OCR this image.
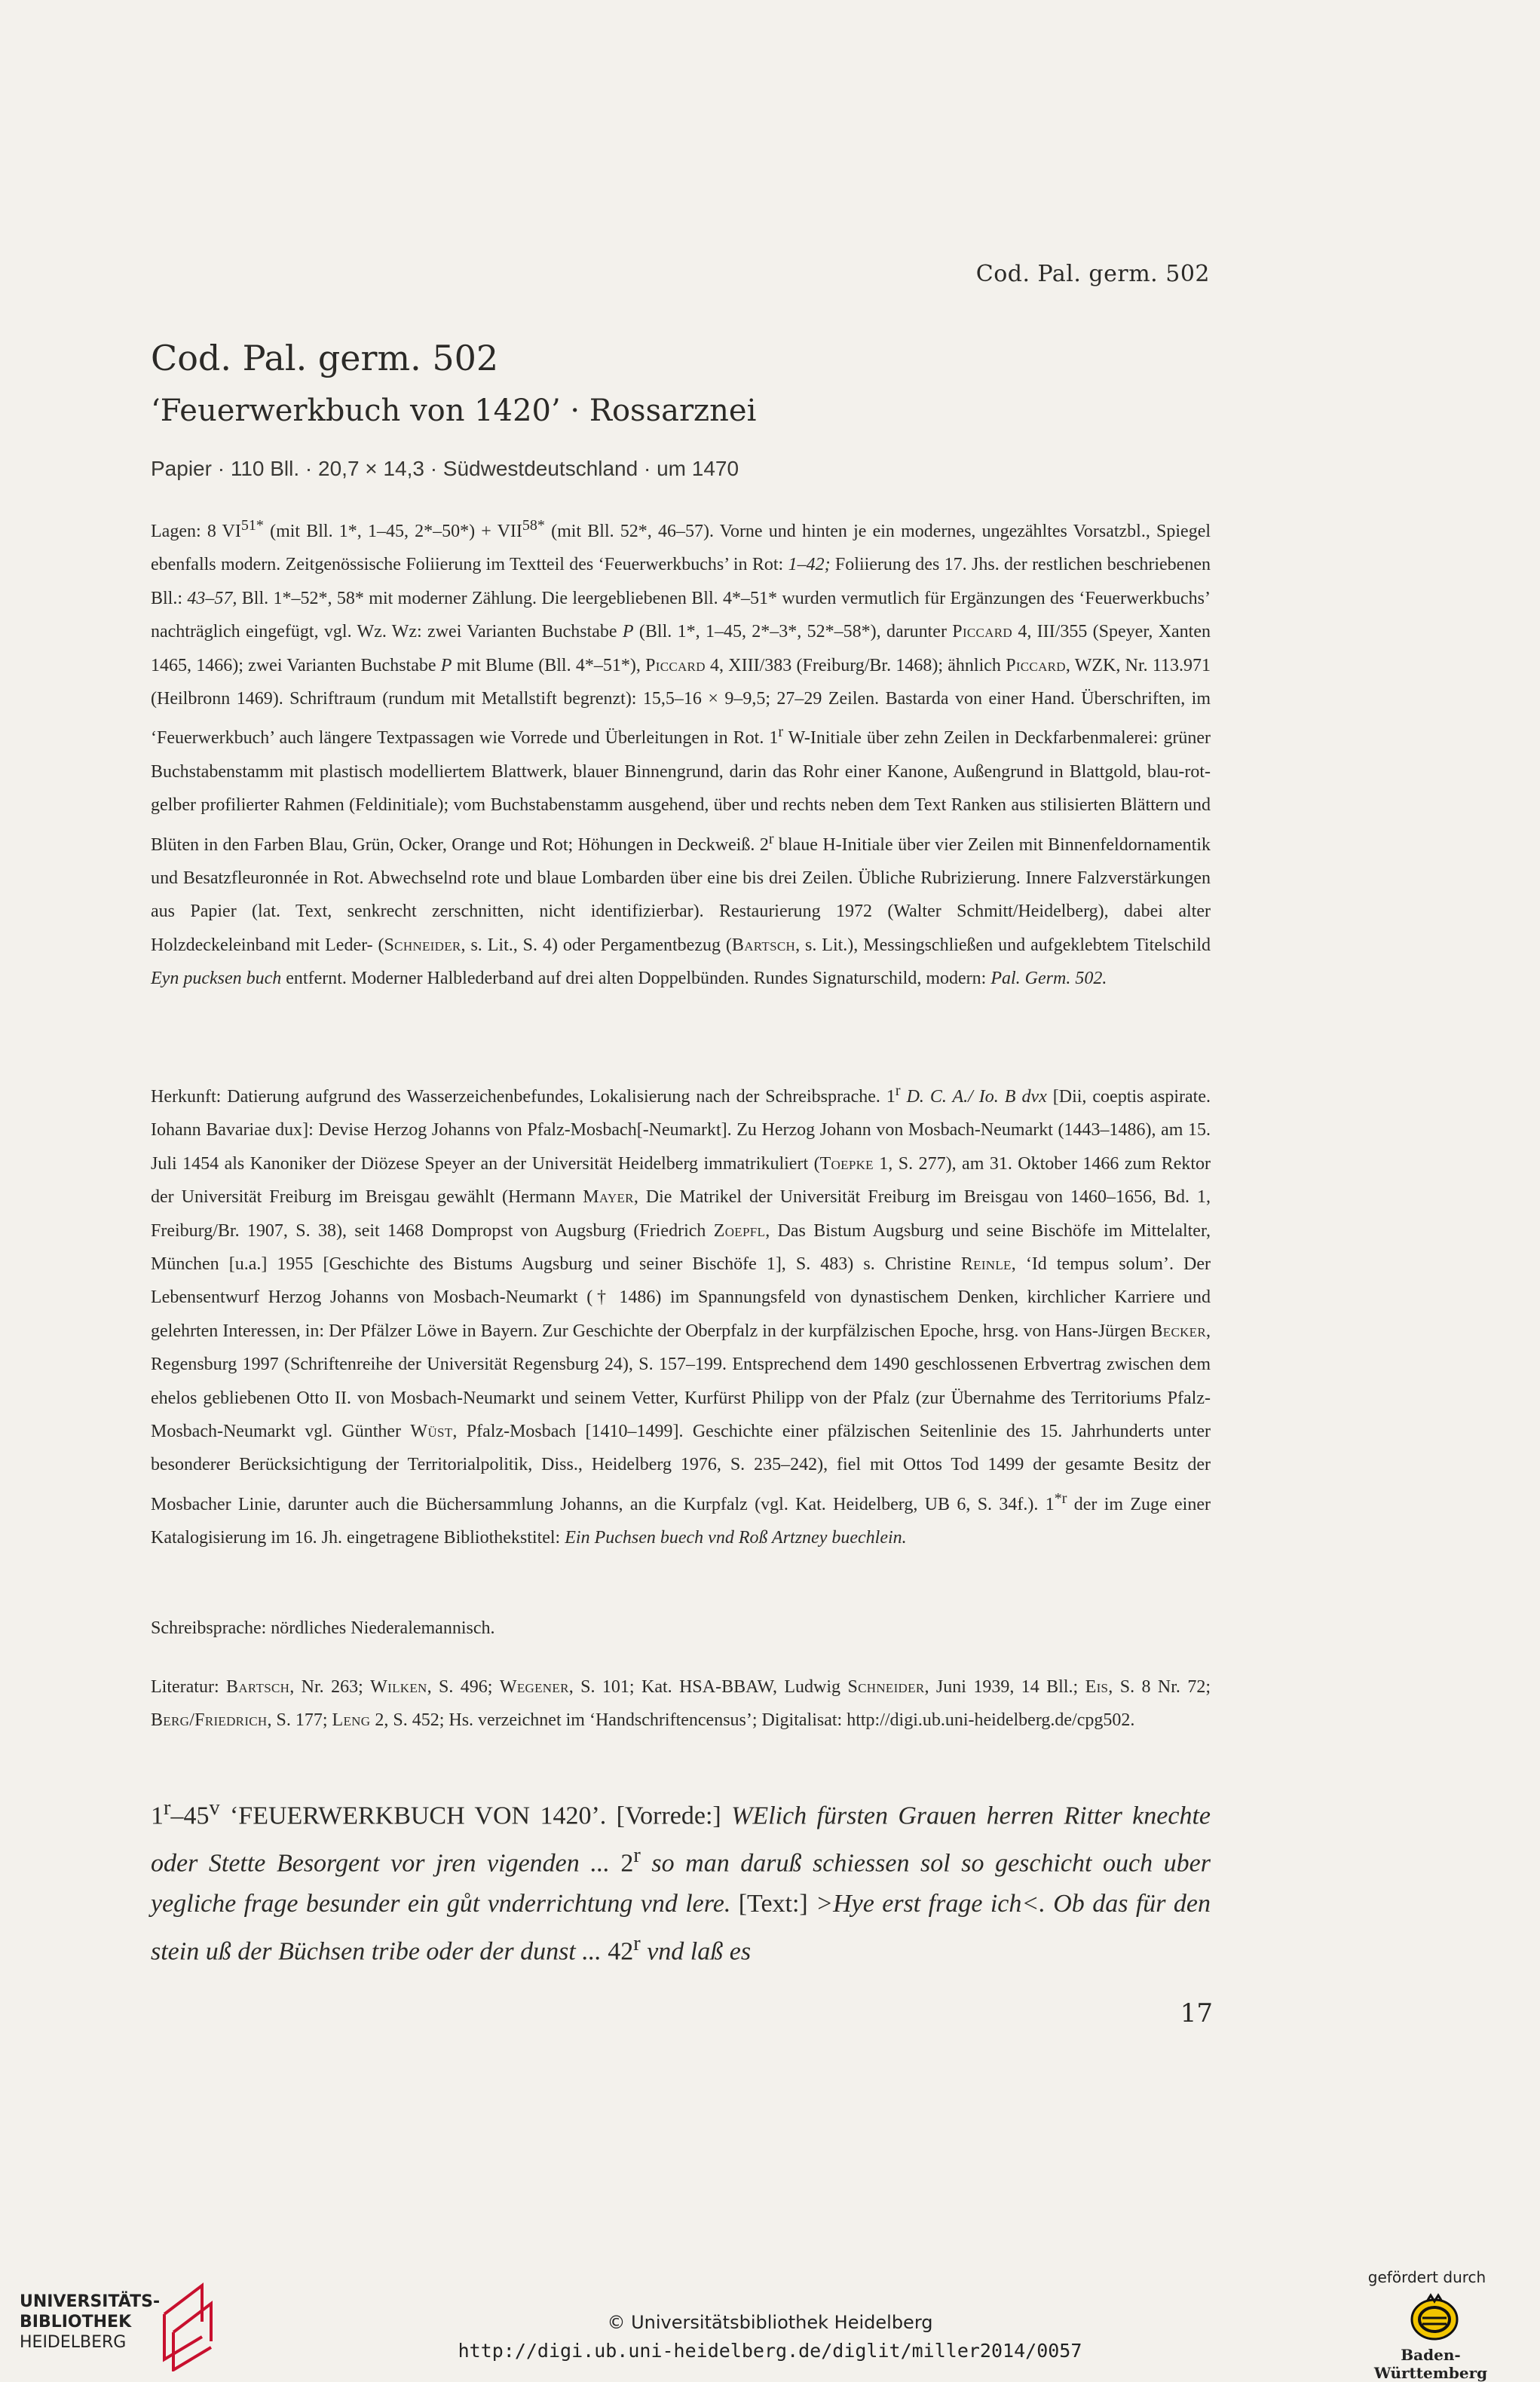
Cod. Pal. germ. 502
Cod. Pal. germ. 502
‘Feuerwerkbuch von 1420’ · Rossarznei

Papier · 110 Bll. · 20,7 × 14,3 · Südwestdeutschland · um 1470

Lagen: 8 $VI^{51*}$ (mit Bll. 1*, 1–45, $2*-50*) + VII^{58*}$ (mit Bll. 52*, 46–57). Vorne und hinten je ein modernes, ungezähltes Vorsatzbl., Spiegel ebenfalls modern. Zeitgenössische Foliierung im Textteil des ‘Feuerwerkbuchs’ in Rot: 1–42; Foliierung des 17. Jhs. der restlichen beschriebenen Bll.: 43–57, Bll. 1*–52*, 58* mit moderner Zählung. Die leergebliebenen Bll. 4*–51* wurden vermutlich für Ergänzungen des ‘Feuerwerkbuchs’ nachträglich eingefügt, vgl. Wz. Wz: zwei Varianten Buchstabe P (Bll. 1*, 1–45, 2*–3*, 52*–58*), darunter Piccard 4, III/355 (Speyer, Xanten 1465, 1466); zwei Varianten Buchstabe P mit Blume (Bll. 4*–51*), Piccard 4, XIII/383 (Freiburg/Br. 1468); ähnlich Piccard, WZK, Nr. 113.971 (Heilbronn 1469). Schriftraum (rundum mit Metallstift begrenzt): 15,5–16 × 9–9,5; 27–29 Zeilen. Bastarda von einer Hand. Überschriften, im ‘Feuerwerkbuch’ auch längere Textpassagen wie Vorrede und Überleitungen in Rot. 1$^r$ W-Initiale über zehn Zeilen in Deckfarbenmalerei: grüner Buchstabenstamm mit plastisch modelliertem Blattwerk, blauer Binnengrund, darin das Rohr einer Kanone, Außengrund in Blattgold, blau-rot-gelber profilierter Rahmen (Feldinitiale); vom Buchstabenstamm ausgehend, über und rechts neben dem Text Ranken aus stilisierten Blättern und Blüten in den Farben Blau, Grün, Ocker, Orange und Rot; Höhungen in Deckweiß. 2$^r$ blaue H-Initiale über vier Zeilen mit Binnenfeldornamentik und Besatzfleuronnée in Rot. Abwechselnd rote und blaue Lombarden über eine bis drei Zeilen. Übliche Rubrizierung. Innere Falzverstärkungen aus Papier (lat. Text, senkrecht zerschnitten, nicht identifizierbar). Restaurierung 1972 (Walter Schmitt/Heidelberg), dabei alter Holzdeckeleinband mit Leder- (Schneider, s. Lit., S. 4) oder Pergamentbezug (Bartsch, s. Lit.), Messingschließen und aufgeklebtem Titelschild Eyn pucksen buch entfernt. Moderner Halblederband auf drei alten Doppelbünden. Rundes Signaturschild, modern: Pal. Germ. 502.

Herkunft: Datierung aufgrund des Wasserzeichenbefundes, Lokalisierung nach der Schreibsprache. 1$^r$ D. C. A./ Io. B dvx [Dii, coeptis aspirate. Iohann Bavariae dux]: Devise Herzog Johanns von Pfalz-Mosbach[-Neumarkt]. Zu Herzog Johann von Mosbach-Neumarkt (1443–1486), am 15. Juli 1454 als Kanoniker der Diözese Speyer an der Universität Heidelberg immatrikuliert (Toepke 1, S. 277), am 31. Oktober 1466 zum Rektor der Universität Freiburg im Breisgau gewählt (Hermann Mayer, Die Matrikel der Universität Freiburg im Breisgau von 1460–1656, Bd. 1, Freiburg/Br. 1907, S. 38), seit 1468 Dompropst von Augsburg (Friedrich Zoepfl, Das Bistum Augsburg und seine Bischöfe im Mittelalter, München [u.a.] 1955 [Geschichte des Bistums Augsburg und seiner Bischöfe 1], S. 483) s. Christine Reinle, ‘Id tempus solum’. Der Lebensentwurf Herzog Johanns von Mosbach-Neumarkt († 1486) im Spannungsfeld von dynastischem Denken, kirchlicher Karriere und gelehrten Interessen, in: Der Pfälzer Löwe in Bayern. Zur Geschichte der Oberpfalz in der kurpfälzischen Epoche, hrsg. von Hans-Jürgen Becker, Regensburg 1997 (Schriftenreihe der Universität Regensburg 24), S. 157–199. Entsprechend dem 1490 geschlossenen Erbvertrag zwischen dem ehelos gebliebenen Otto II. von Mosbach-Neumarkt und seinem Vetter, Kurfürst Philipp von der Pfalz (zur Übernahme des Territoriums Pfalz-Mosbach-Neumarkt vgl. Günther Wüst, Pfalz-Mosbach [1410–1499]. Geschichte einer pfälzischen Seitenlinie des 15. Jahrhunderts unter besonderer Berücksichtigung der Territorialpolitik, Diss., Heidelberg 1976, S. 235–242), fiel mit Ottos Tod 1499 der gesamte Besitz der Mosbacher Linie, darunter auch die Büchersammlung Johanns, an die Kurpfalz (vgl. Kat. Heidelberg, UB 6, S. 34f.). 1$^{*r}$ der im Zuge einer Katalogisierung im 16. Jh. eingetragene Bibliothekstitel: Ein Puchsen buech vnd Roß Artzney buechlein.

Schreibsprache: nördliches Niederalemannisch.

Literatur: Bartsch, Nr. 263; Wilken, S. 496; Wegener, S. 101; Kat. HSA-BBAW, Ludwig Schneider, Juni 1939, 14 Bll.; Eis, S. 8 Nr. 72; Berg/Friedrich, S. 177; Leng 2, S. 452; Hs. verzeichnet im ‘Handschriftencensus’; Digitalisat: http://digi.ub.uni-heidelberg.de/cpg502.

1$^r$–45$^v$ ‘FEUERWERKBUCH VON 1420’. [Vorrede:] WElich fürsten Grauen herren Ritter knechte oder Stette Besorgent vor jren vigenden ... 2$^r$ so man daruß schiessen sol so geschicht ouch uber yegliche frage besunder ein gůt vnderrichtung vnd lere. [Text:] >Hye erst frage ich<. Ob das für den stein uß der Büchsen tribe oder der dunst ... 42$^r$ vnd laß es

17
UNIVERSITÄTS-
BIBLIOTHEK
HEIDELBERG
© Universitätsbibliothek Heidelberg
http://digi.ub.uni-heidelberg.de/diglit/miller2014/0057
gefördert durch
Baden-Württemberg
